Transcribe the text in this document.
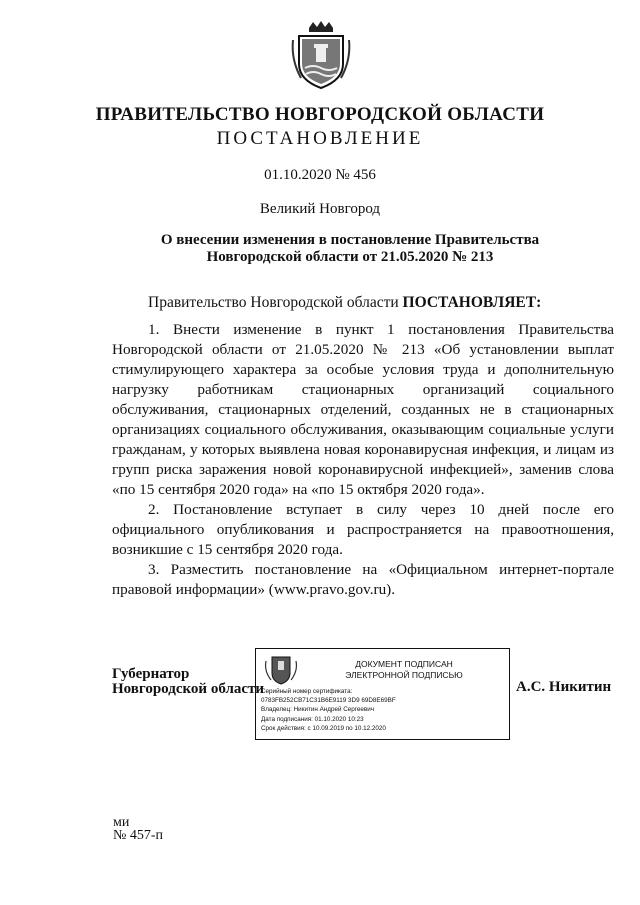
ПРАВИТЕЛЬСТВО НОВГОРОДСКОЙ ОБЛАСТИ
ПОСТАНОВЛЕНИЕ
01.10.2020 № 456
Великий Новгород
О внесении изменения в постановление Правительства
Новгородской области от 21.05.2020 № 213
Правительство Новгородской области ПОСТАНОВЛЯЕТ:

1. Внести изменение в пункт 1 постановления Правительства Новгородской области от 21.05.2020 № 213 «Об установлении выплат стимулирующего характера за особые условия труда и дополнительную нагрузку работникам стационарных организаций социального обслуживания, стационарных отделений, созданных не в стационарных организациях социального обслуживания, оказывающим социальные услуги гражданам, у которых выявлена новая коронавирусная инфекция, и лицам из групп риска заражения новой коронавирусной инфекцией», заменив слова «по 15 сентября 2020 года» на «по 15 октября 2020 года».

2. Постановление вступает в силу через 10 дней после его официального опубликования и распространяется на правоотношения, возникшие с 15 сентября 2020 года.

3. Разместить постановление на «Официальном интернет-портале правовой информации» (www.pravo.gov.ru).

Губернатор
Новгородской области
ДОКУМЕНТ ПОДПИСАН
ЭЛЕКТРОННОЙ ПОДПИСЬЮ
Серийный номер сертификата:
0783FB252CB71C31B6E9119 3D9 69D8E69BF
Владелец: Никитин Андрей Сергеевич
Дата подписания: 01.10.2020 10:23
Срок действия: с 10.09.2019 по 10.12.2020
А.С. Никитин
ми
№ 457-п
